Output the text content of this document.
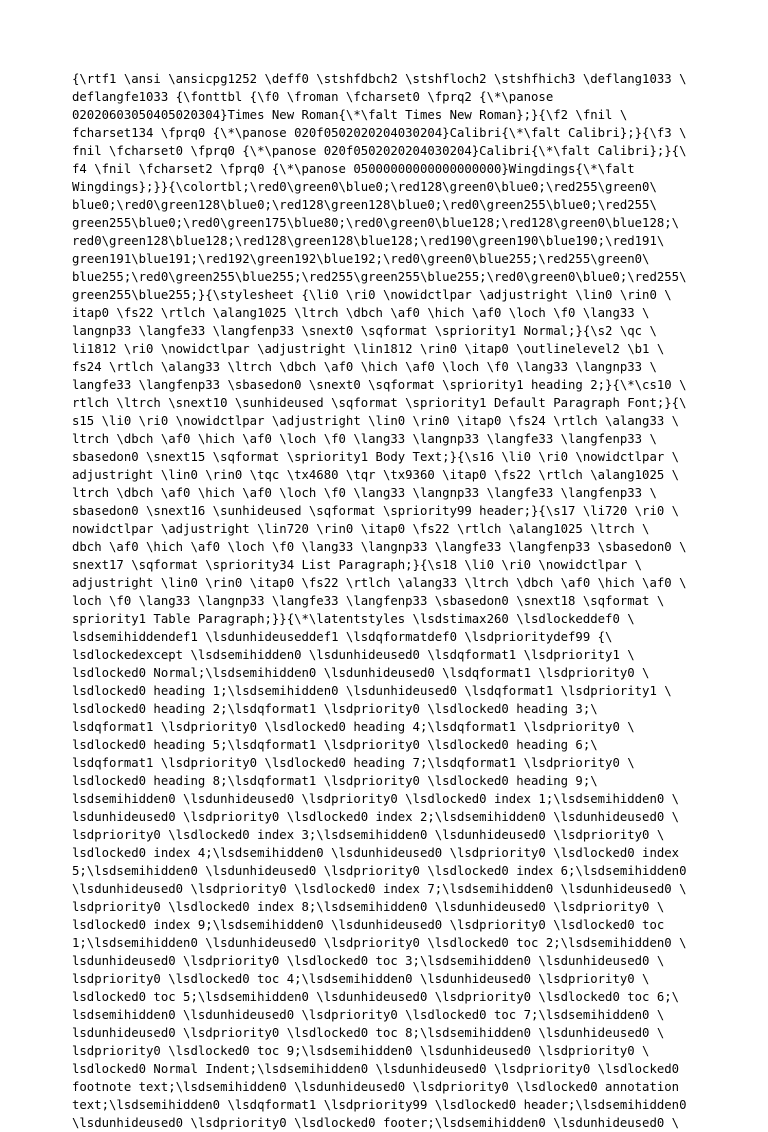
{\rtf1 \ansi \ansicpg1252 \deff0 \stshfdbch2 \stshfloch2 \stshfhich3 \deflang1033 \
deflangfe1033 {\fonttbl {\f0 \froman \fcharset0 \fprq2 {\*\panose
02020603050405020304}Times New Roman{\*\falt Times New Roman};}{\f2 \fnil \
fcharset134 \fprq0 {\*\panose 020f0502020204030204}Calibri{\*\falt Calibri};}{\f3 \
fnil \fcharset0 \fprq0 {\*\panose 020f0502020204030204}Calibri{\*\falt Calibri};}{\
f4 \fnil \fcharset2 \fprq0 {\*\panose 05000000000000000000}Wingdings{\*\falt
Wingdings};}}{\colortbl;\red0\green0\blue0;\red128\green0\blue0;\red255\green0\
blue0;\red0\green128\blue0;\red128\green128\blue0;\red0\green255\blue0;\red255\
green255\blue0;\red0\green175\blue80;\red0\green0\blue128;\red128\green0\blue128;\
red0\green128\blue128;\red128\green128\blue128;\red190\green190\blue190;\red191\
green191\blue191;\red192\green192\blue192;\red0\green0\blue255;\red255\green0\
blue255;\red0\green255\blue255;\red255\green255\blue255;\red0\green0\blue0;\red255\
green255\blue255;}{\stylesheet {\li0 \ri0 \nowidctlpar \adjustright \lin0 \rin0 \
itap0 \fs22 \rtlch \alang1025 \ltrch \dbch \af0 \hich \af0 \loch \f0 \lang33 \
langnp33 \langfe33 \langfenp33 \snext0 \sqformat \spriority1 Normal;}{\s2 \qc \
li1812 \ri0 \nowidctlpar \adjustright \lin1812 \rin0 \itap0 \outlinelevel2 \b1 \
fs24 \rtlch \alang33 \ltrch \dbch \af0 \hich \af0 \loch \f0 \lang33 \langnp33 \
langfe33 \langfenp33 \sbasedon0 \snext0 \sqformat \spriority1 heading 2;}{\*\cs10 \
rtlch \ltrch \snext10 \sunhideused \sqformat \spriority1 Default Paragraph Font;}{\
s15 \li0 \ri0 \nowidctlpar \adjustright \lin0 \rin0 \itap0 \fs24 \rtlch \alang33 \
ltrch \dbch \af0 \hich \af0 \loch \f0 \lang33 \langnp33 \langfe33 \langfenp33 \
sbasedon0 \snext15 \sqformat \spriority1 Body Text;}{\s16 \li0 \ri0 \nowidctlpar \
adjustright \lin0 \rin0 \tqc \tx4680 \tqr \tx9360 \itap0 \fs22 \rtlch \alang1025 \
ltrch \dbch \af0 \hich \af0 \loch \f0 \lang33 \langnp33 \langfe33 \langfenp33 \
sbasedon0 \snext16 \sunhideused \sqformat \spriority99 header;}{\s17 \li720 \ri0 \
nowidctlpar \adjustright \lin720 \rin0 \itap0 \fs22 \rtlch \alang1025 \ltrch \
dbch \af0 \hich \af0 \loch \f0 \lang33 \langnp33 \langfe33 \langfenp33 \sbasedon0 \
snext17 \sqformat \spriority34 List Paragraph;}{\s18 \li0 \ri0 \nowidctlpar \
adjustright \lin0 \rin0 \itap0 \fs22 \rtlch \alang33 \ltrch \dbch \af0 \hich \af0 \
loch \f0 \lang33 \langnp33 \langfe33 \langfenp33 \sbasedon0 \snext18 \sqformat \
spriority1 Table Paragraph;}}{\*\latentstyles \lsdstimax260 \lsdlockeddef0 \
lsdsemihiddendef1 \lsdunhideuseddef1 \lsdqformatdef0 \lsdprioritydef99 {\
lsdlockedexcept \lsdsemihidden0 \lsdunhideused0 \lsdqformat1 \lsdpriority1 \
lsdlocked0 Normal;\lsdsemihidden0 \lsdunhideused0 \lsdqformat1 \lsdpriority0 \
lsdlocked0 heading 1;\lsdsemihidden0 \lsdunhideused0 \lsdqformat1 \lsdpriority1 \
lsdlocked0 heading 2;\lsdqformat1 \lsdpriority0 \lsdlocked0 heading 3;\
lsdqformat1 \lsdpriority0 \lsdlocked0 heading 4;\lsdqformat1 \lsdpriority0 \
lsdlocked0 heading 5;\lsdqformat1 \lsdpriority0 \lsdlocked0 heading 6;\
lsdqformat1 \lsdpriority0 \lsdlocked0 heading 7;\lsdqformat1 \lsdpriority0 \
lsdlocked0 heading 8;\lsdqformat1 \lsdpriority0 \lsdlocked0 heading 9;\
lsdsemihidden0 \lsdunhideused0 \lsdpriority0 \lsdlocked0 index 1;\lsdsemihidden0 \
lsdunhideused0 \lsdpriority0 \lsdlocked0 index 2;\lsdsemihidden0 \lsdunhideused0 \
lsdpriority0 \lsdlocked0 index 3;\lsdsemihidden0 \lsdunhideused0 \lsdpriority0 \
lsdlocked0 index 4;\lsdsemihidden0 \lsdunhideused0 \lsdpriority0 \lsdlocked0 index
5;\lsdsemihidden0 \lsdunhideused0 \lsdpriority0 \lsdlocked0 index 6;\lsdsemihidden0
\lsdunhideused0 \lsdpriority0 \lsdlocked0 index 7;\lsdsemihidden0 \lsdunhideused0 \
lsdpriority0 \lsdlocked0 index 8;\lsdsemihidden0 \lsdunhideused0 \lsdpriority0 \
lsdlocked0 index 9;\lsdsemihidden0 \lsdunhideused0 \lsdpriority0 \lsdlocked0 toc
1;\lsdsemihidden0 \lsdunhideused0 \lsdpriority0 \lsdlocked0 toc 2;\lsdsemihidden0 \
lsdunhideused0 \lsdpriority0 \lsdlocked0 toc 3;\lsdsemihidden0 \lsdunhideused0 \
lsdpriority0 \lsdlocked0 toc 4;\lsdsemihidden0 \lsdunhideused0 \lsdpriority0 \
lsdlocked0 toc 5;\lsdsemihidden0 \lsdunhideused0 \lsdpriority0 \lsdlocked0 toc 6;\
lsdsemihidden0 \lsdunhideused0 \lsdpriority0 \lsdlocked0 toc 7;\lsdsemihidden0 \
lsdunhideused0 \lsdpriority0 \lsdlocked0 toc 8;\lsdsemihidden0 \lsdunhideused0 \
lsdpriority0 \lsdlocked0 toc 9;\lsdsemihidden0 \lsdunhideused0 \lsdpriority0 \
lsdlocked0 Normal Indent;\lsdsemihidden0 \lsdunhideused0 \lsdpriority0 \lsdlocked0
footnote text;\lsdsemihidden0 \lsdunhideused0 \lsdpriority0 \lsdlocked0 annotation
text;\lsdsemihidden0 \lsdqformat1 \lsdpriority99 \lsdlocked0 header;\lsdsemihidden0
\lsdunhideused0 \lsdpriority0 \lsdlocked0 footer;\lsdsemihidden0 \lsdunhideused0 \
